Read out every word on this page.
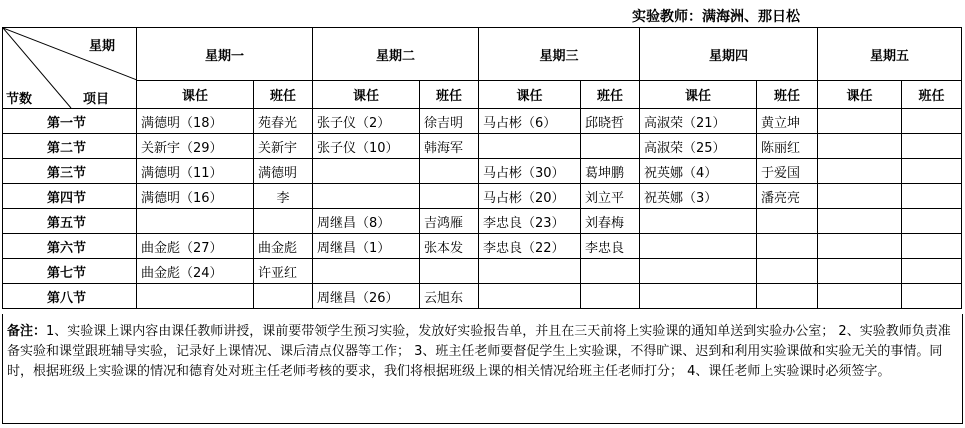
实验教师：满海洲、那日松
星期
节数 项目	星期一		星期二		星期三		星期四		星期五	
	课任	班任	课任	班任	课任	班任	课任	班任	课任	班任
第一节	满德明（18）	苑春光	张子仪（2）	徐吉明	马占彬（6）	邱晓哲	高淑荣（21）	黄立坤		
第二节	关新宇（29）	关新宇	张子仪（10）	韩海军			高淑荣（25）	陈丽红		
第三节	满德明（11）	满德明			马占彬（30）	葛坤鹏	祝英娜（4）	于爱国		
第四节	满德明（16）	李			马占彬（20）	刘立平	祝英娜（3）	潘亮亮		
第五节			周继昌（8）	吉鸿雁	李忠良（23）	刘春梅				
第六节	曲金彪（27）	曲金彪	周继昌（1）	张本发	李忠良（22）	李忠良				
第七节	曲金彪（24）	许亚红								
第八节			周继昌（26）	云旭东						
备注：1、实验课上课内容由课任教师讲授，课前要带领学生预习实验，发放好实验报告单，并且在三天前将上实验课的通知单送到实验办公室； 2、实验教师负责准备实验和课堂跟班辅导实验，记录好上课情况、课后清点仪器等工作； 3、班主任老师要督促学生上实验课，不得旷课、迟到和利用实验课做和实验无关的事情。同时，根据班级上实验课的情况和德育处对班主任老师考核的要求，我们将根据班级上课的相关情况给班主任老师打分； 4、课任老师上实验课时必须签字。
